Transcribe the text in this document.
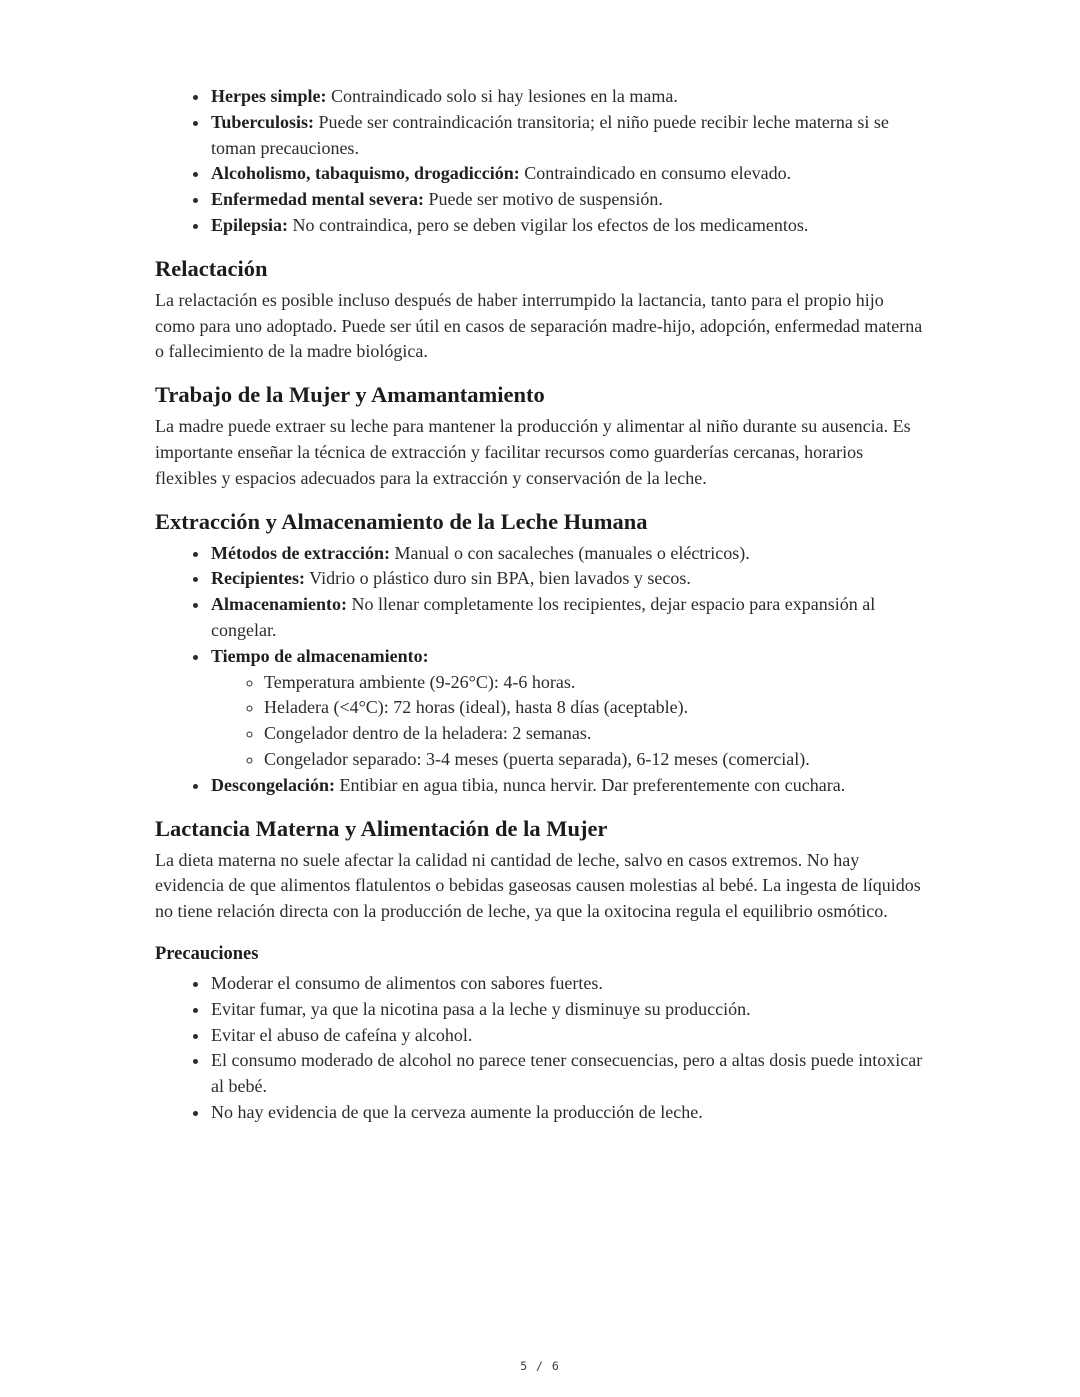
• Herpes simple: Contraindicado solo si hay lesiones en la mama.
• Tuberculosis: Puede ser contraindicación transitoria; el niño puede recibir leche materna si se toman precauciones.
• Alcoholismo, tabaquismo, drogadicción: Contraindicado en consumo elevado.
• Enfermedad mental severa: Puede ser motivo de suspensión.
• Epilepsia: No contraindica, pero se deben vigilar los efectos de los medicamentos.
Relactación

La relactación es posible incluso después de haber interrumpido la lactancia, tanto para el propio hijo como para uno adoptado. Puede ser útil en casos de separación madre-hijo, adopción, enfermedad materna o fallecimiento de la madre biológica.

Trabajo de la Mujer y Amamantamiento

La madre puede extraer su leche para mantener la producción y alimentar al niño durante su ausencia. Es importante enseñar la técnica de extracción y facilitar recursos como guarderías cercanas, horarios flexibles y espacios adecuados para la extracción y conservación de la leche.

Extracción y Almacenamiento de la Leche Humana
• Métodos de extracción: Manual o con sacaleches (manuales o eléctricos).
• Recipientes: Vidrio o plástico duro sin BPA, bien lavados y secos.
• Almacenamiento: No llenar completamente los recipientes, dejar espacio para expansión al congelar.
• Tiempo de almacenamiento:
◦ Temperatura ambiente (9-26°C): 4-6 horas.
◦ Heladera (<4°C): 72 horas (ideal), hasta 8 días (aceptable).
◦ Congelador dentro de la heladera: 2 semanas.
◦ Congelador separado: 3-4 meses (puerta separada), 6-12 meses (comercial).
• Descongelación: Entibiar en agua tibia, nunca hervir. Dar preferentemente con cuchara.
Lactancia Materna y Alimentación de la Mujer

La dieta materna no suele afectar la calidad ni cantidad de leche, salvo en casos extremos. No hay evidencia de que alimentos flatulentos o bebidas gaseosas causen molestias al bebé. La ingesta de líquidos no tiene relación directa con la producción de leche, ya que la oxitocina regula el equilibrio osmótico.

Precauciones
• Moderar el consumo de alimentos con sabores fuertes.
• Evitar fumar, ya que la nicotina pasa a la leche y disminuye su producción.
• Evitar el abuso de cafeína y alcohol.
• El consumo moderado de alcohol no parece tener consecuencias, pero a altas dosis puede intoxicar al bebé.
• No hay evidencia de que la cerveza aumente la producción de leche.
5 / 6
